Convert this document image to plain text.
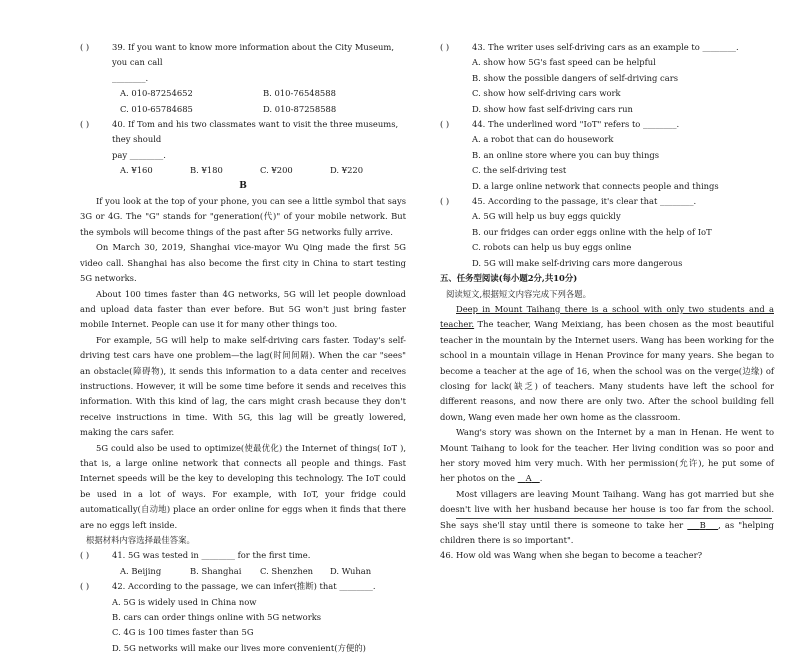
( )	39. If you want to know more information about the City Museum, you can call
________.
A. 010-87254652	B. 010-76548588
C. 010-65784685	D. 010-87258588
( )	40. If Tom and his two classmates want to visit the three museums, they should
pay ________.
A. ¥160	B. ¥180	C. ¥200	D. ¥220
B
If you look at the top of your phone, you can see a little symbol that says 3G or 4G. The "G" stands for "generation(代)" of your mobile network. But the symbols will become things of the past after 5G networks fully arrive.
On March 30, 2019, Shanghai vice-mayor Wu Qing made the first 5G video call. Shanghai has also become the first city in China to start testing 5G networks.
About 100 times faster than 4G networks, 5G will let people download and upload data faster than ever before. But 5G won't just bring faster mobile Internet. People can use it for many other things too.
For example, 5G will help to make self-driving cars faster. Today's self-driving test cars have one problem—the lag(时间间隔). When the car "sees" an obstacle(障碍物), it sends this information to a data center and receives instructions. However, it will be some time before it sends and receives this information. With this kind of lag, the cars might crash because they don't receive instructions in time. With 5G, this lag will be greatly lowered, making the cars safer.
5G could also be used to optimize(使最优化) the Internet of things( IoT ), that is, a large online network that connects all people and things. Fast Internet speeds will be the key to developing this technology. The IoT could be used in a lot of ways. For example, with IoT, your fridge could automatically(自动地) place an order online for eggs when it finds that there are no eggs left inside.
根据材料内容选择最佳答案。
( )	41. 5G was tested in ________ for the first time.
A. Beijing	B. Shanghai	C. Shenzhen	D. Wuhan
( )	42. According to the passage, we can infer(推断) that ________.
A. 5G is widely used in China now
B. cars can order things online with 5G networks
C. 4G is 100 times faster than 5G
D. 5G networks will make our lives more convenient(方便的)
( )	43. The writer uses self-driving cars as an example to ________.
A. show how 5G's fast speed can be helpful
B. show the possible dangers of self-driving cars
C. show how self-driving cars work
D. show how fast self-driving cars run
( )	44. The underlined word "IoT" refers to ________.
A. a robot that can do housework
B. an online store where you can buy things
C. the self-driving test
D. a large online network that connects people and things
( )	45. According to the passage, it's clear that ________.
A. 5G will help us buy eggs quickly
B. our fridges can order eggs online with the help of IoT
C. robots can help us buy eggs online
D. 5G will make self-driving cars more dangerous
五、任务型阅读(每小题2分,共10分)
阅读短文,根据短文内容完成下列各题。
Deep in Mount Taihang there is a school with only two students and a teacher. The teacher, Wang Meixiang, has been chosen as the most beautiful teacher in the mountain by the Internet users. Wang has been working for the school in a mountain village in Henan Province for many years. She began to become a teacher at the age of 16, when the school was on the verge(边缘) of closing for lack(缺乏) of teachers. Many students have left the school for different reasons, and now there are only two. After the school building fell down, Wang even made her own home as the classroom.
Wang's story was shown on the Internet by a man in Henan. He went to Mount Taihang to look for the teacher. Her living condition was so poor and her story moved him very much. With her permission(允许), he put some of her photos on the    A .
Most villagers are leaving Mount Taihang. Wang has got married but she doesn't live with her husband because her house is too far from the school. She says she'll stay until there is someone to take her    B , as "helping children there is so important".
46. How old was Wang when she began to become a teacher?
